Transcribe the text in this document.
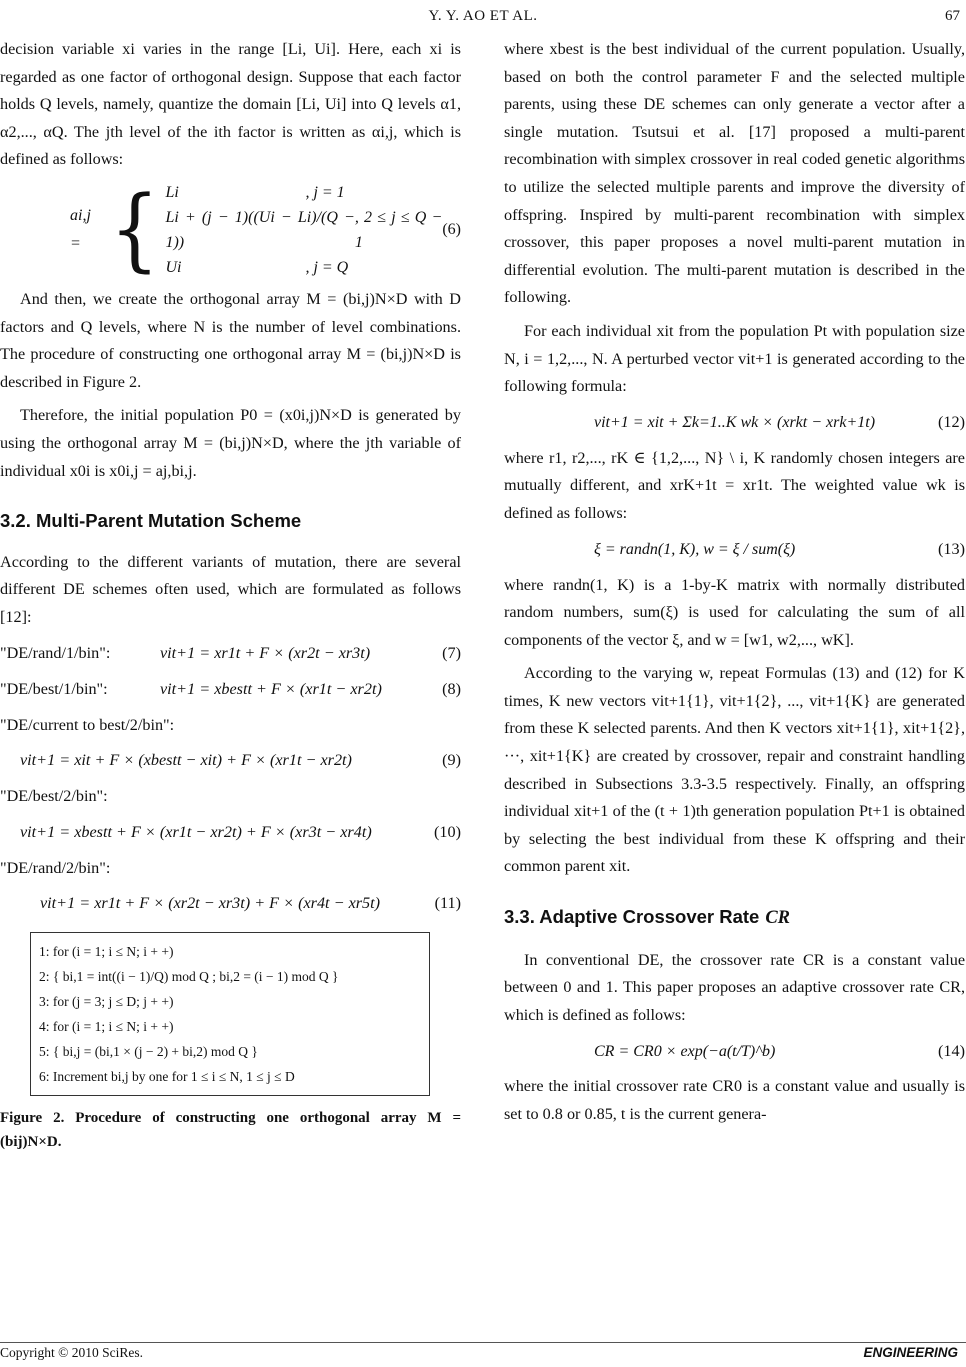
Y. Y. AO ET AL.	67

decision variable xi varies in the range [Li, Ui]. Here, each xi is regarded as one factor of orthogonal design. Suppose that each factor holds Q levels, namely, quantize the domain [Li, Ui] into Q levels α1, α2,..., αQ. The jth level of the ith factor is written as αi,j, which is defined as follows:

ai,j = { Li	, j = 1
Li + (j − 1)((Ui − Li)/(Q − 1))
, 2 ≤ j ≤ Q − 1
Ui	, j = Q
(6)

And then, we create the orthogonal array M = (bi,j)N×D with D factors and Q levels, where N is the number of level combinations. The procedure of constructing one orthogonal array M = (bi,j)N×D is described in Figure 2.

Therefore, the initial population P0 = (x0i,j)N×D is generated by using the orthogonal array M = (bi,j)N×D, where the jth variable of individual x0i is x0i,j = aj,bi,j.

3.2. Multi-Parent Mutation Scheme

According to the different variants of mutation, there are several different DE schemes often used, which are formulated as follows [12]:

"DE/rand/1/bin":	vit+1 = xr1t + F × (xr2t − xr3t)	(7)
"DE/best/1/bin":	vit+1 = xbestt + F × (xr1t − xr2t)	(8)
"DE/current to best/2/bin":
vit+1 = xit + F × (xbestt − xit) + F × (xr1t − xr2t)	(9)
"DE/best/2/bin":
vit+1 = xbestt + F × (xr1t − xr2t) + F × (xr3t − xr4t)	(10)
"DE/rand/2/bin":
vit+1 = xr1t + F × (xr2t − xr3t) + F × (xr4t − xr5t)	(11)
1: for (i = 1; i ≤ N; i + +)
2: { bi,1 = int((i − 1)/Q) mod Q ; bi,2 = (i − 1) mod Q }
3: for (j = 3; j ≤ D; j + +)
4: for (i = 1; i ≤ N; i + +)
5: { bi,j = (bi,1 × (j − 2) + bi,2) mod Q }
6: Increment bi,j by one for 1 ≤ i ≤ N, 1 ≤ j ≤ D
Figure 2. Procedure of constructing one orthogonal array M = (bij)N×D.

where xbest is the best individual of the current population. Usually, based on both the control parameter F and the selected multiple parents, using these DE schemes can only generate a vector after a single mutation. Tsutsui et al. [17] proposed a multi-parent recombination with simplex crossover in real coded genetic algorithms to utilize the selected multiple parents and improve the diversity of offspring. Inspired by multi-parent recombination with simplex crossover, this paper proposes a novel multi-parent mutation in differential evolution. The multi-parent mutation is described in the following.

For each individual xit from the population Pt with population size N, i = 1,2,..., N. A perturbed vector vit+1 is generated according to the following formula:

vit+1 = xit + Σk=1..K wk × (xrkt − xrk+1t)	(12)

where r1, r2,..., rK ∈ {1,2,..., N} \ i, K randomly chosen integers are mutually different, and xrK+1t = xr1t. The weighted value wk is defined as follows:

ξ = randn(1, K), w = ξ / sum(ξ)	(13)

where randn(1, K) is a 1-by-K matrix with normally distributed random numbers, sum(ξ) is used for calculating the sum of all components of the vector ξ, and w = [w1, w2,..., wK].

According to the varying w, repeat Formulas (13) and (12) for K times, K new vectors vit+1{1}, vit+1{2}, ..., vit+1{K} are generated from these K selected parents. And then K vectors xit+1{1}, xit+1{2}, ···, xit+1{K} are created by crossover, repair and constraint handling described in Subsections 3.3-3.5 respectively. Finally, an offspring individual xit+1 of the (t + 1)th generation population Pt+1 is obtained by selecting the best individual from these K offspring and their common parent xit.

3.3. Adaptive Crossover Rate CR

In conventional DE, the crossover rate CR is a constant value between 0 and 1. This paper proposes an adaptive crossover rate CR, which is defined as follows:

CR = CR0 × exp(−a(t/T)^b)	(14)

where the initial crossover rate CR0 is a constant value and usually is set to 0.8 or 0.85, t is the current genera-

Copyright © 2010 SciRes.	ENGINEERING
